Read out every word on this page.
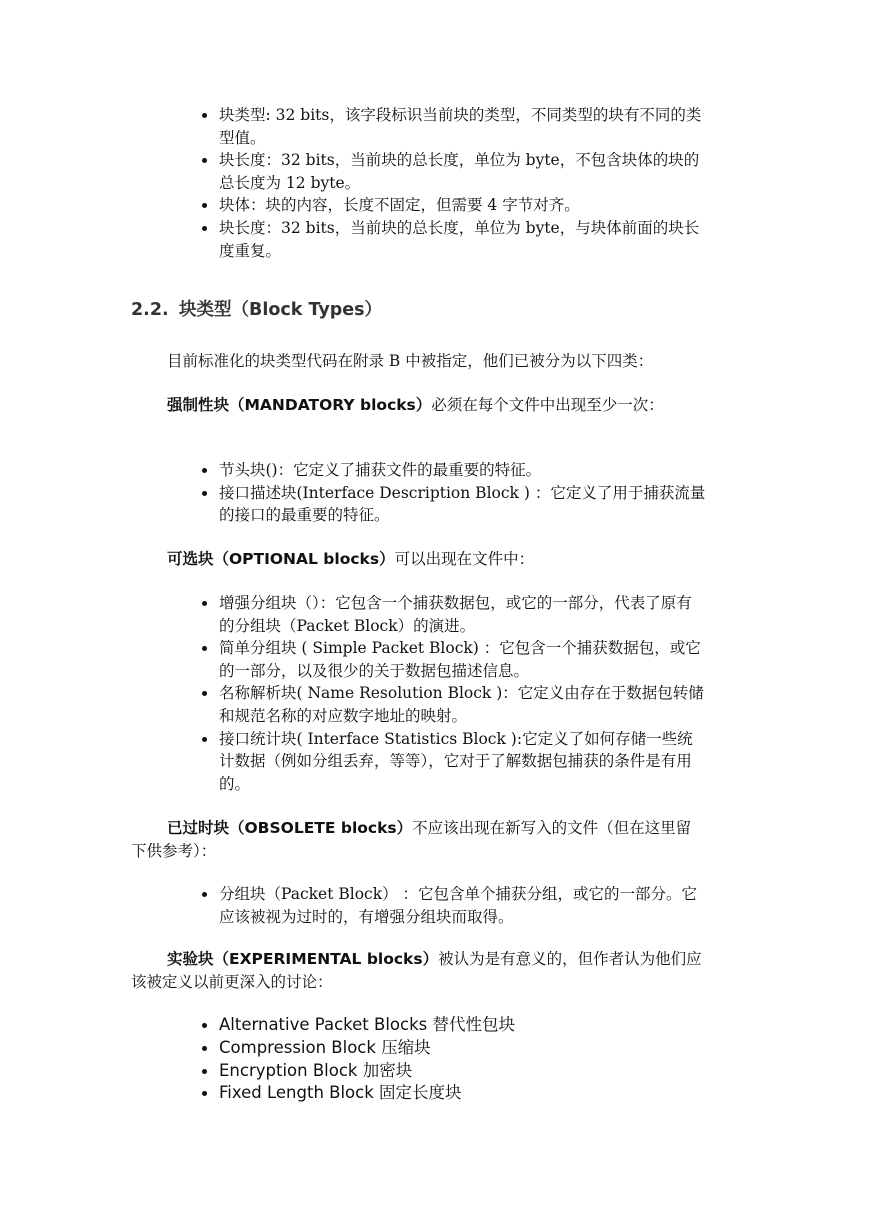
块类型: 32 bits，该字段标识当前块的类型，不同类型的块有不同的类型值。
块长度：32 bits，当前块的总长度，单位为 byte，不包含块体的块的总长度为 12 byte。
块体：块的内容，长度不固定，但需要 4 字节对齐。
块长度：32 bits，当前块的总长度，单位为 byte，与块体前面的块长度重复。
2.2. 块类型（Block Types）

目前标准化的块类型代码在附录 B 中被指定，他们已被分为以下四类：

强制性块（MANDATORY blocks）必须在每个文件中出现至少一次：

节头块()：它定义了捕获文件的最重要的特征。
接口描述块(Interface Description Block ) ：它定义了用于捕获流量的接口的最重要的特征。

可选块（OPTIONAL blocks）可以出现在文件中：

增强分组块（）：它包含一个捕获数据包，或它的一部分，代表了原有的分组块（Packet Block）的演进。
简单分组块 ( Simple Packet Block) ：它包含一个捕获数据包，或它的一部分，以及很少的关于数据包描述信息。
名称解析块( Name Resolution Block )：它定义由存在于数据包转储和规范名称的对应数字地址的映射。
接口统计块( Interface Statistics Block ):它定义了如何存储一些统计数据（例如分组丢弃，等等），它对于了解数据包捕获的条件是有用的。

已过时块（OBSOLETE blocks）不应该出现在新写入的文件（但在这里留下供参考）：

分组块（Packet Block） ：它包含单个捕获分组，或它的一部分。它应该被视为过时的，有增强分组块而取得。

实验块（EXPERIMENTAL blocks）被认为是有意义的，但作者认为他们应该被定义以前更深入的讨论：

Alternative Packet Blocks 替代性包块
Compression Block 压缩块
Encryption Block 加密块
Fixed Length Block 固定长度块
